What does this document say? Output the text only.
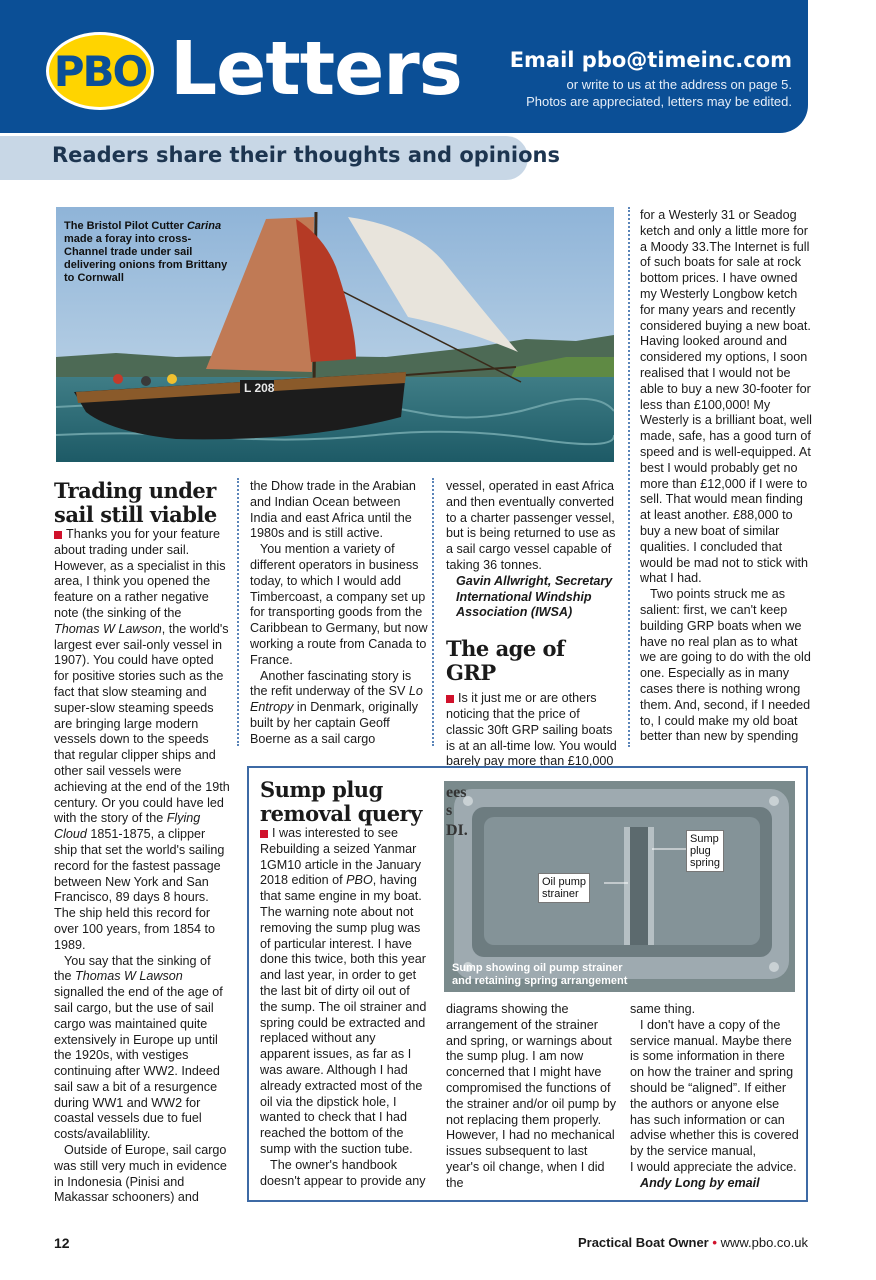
PBO Letters Email pbo@timeinc.com
or write to us at the address on page 5.
Photos are appreciated, letters may be edited.
Readers share their thoughts and opinions
L 208
The Bristol Pilot Cutter Carina made a foray into cross-Channel trade under sail delivering onions from Brittany to Cornwall
Trading under
sail still viable

Thanks you for your feature about trading under sail. However, as a specialist in this area, I think you opened the feature on a rather negative note (the sinking of the Thomas W Lawson, the world's largest ever sail-only vessel in 1907). You could have opted for positive stories such as the fact that slow steaming and super-slow steaming speeds are bringing large modern vessels down to the speeds that regular clipper ships and other sail vessels were achieving at the end of the 19th century. Or you could have led with the story of the Flying Cloud 1851-1875, a clipper ship that set the world's sailing record for the fastest passage between New York and San Francisco, 89 days 8 hours. The ship held this record for over 100 years, from 1854 to 1989.

You say that the sinking of the Thomas W Lawson signalled the end of the age of sail cargo, but the use of sail cargo was maintained quite extensively in Europe up until the 1920s, with vestiges continuing after WW2. Indeed sail saw a bit of a resurgence during WW1 and WW2 for coastal vessels due to fuel costs/availablility.

Outside of Europe, sail cargo was still very much in evidence in Indonesia (Pinisi and Makassar schooners) and

the Dhow trade in the Arabian and Indian Ocean between India and east Africa until the 1980s and is still active.

You mention a variety of different operators in business today, to which I would add Timbercoast, a company set up for transporting goods from the Caribbean to Germany, but now working a route from Canada to France.

Another fascinating story is the refit underway of the SV Lo Entropy in Denmark, originally built by her captain Geoff Boerne as a sail cargo

vessel, operated in east Africa and then eventually converted to a charter passenger vessel, but is being returned to use as a sail cargo vessel capable of taking 36 tonnes.

Gavin Allwright, Secretary
International Windship
Association (IWSA)
The age of GRP

Is it just me or are others noticing that the price of classic 30ft GRP sailing boats is at an all-time low. You would barely pay more than £10,000

for a Westerly 31 or Seadog ketch and only a little more for a Moody 33.The Internet is full of such boats for sale at rock bottom prices. I have owned my Westerly Longbow ketch for many years and recently considered buying a new boat. Having looked around and considered my options, I soon realised that I would not be able to buy a new 30-footer for less than £100,000! My Westerly is a brilliant boat, well made, safe, has a good turn of speed and is well-equipped. At best I would probably get no more than £12,000 if I were to sell. That would mean finding at least another. £88,000 to buy a new boat of similar qualities. I concluded that would be mad not to stick with what I had.

Two points struck me as salient: first, we can't keep building GRP boats when we have no real plan as to what we are going to do with the old one. Especially as in many cases there is nothing wrong them. And, second, if I needed to, I could make my old boat better than new by spending

Sump plug
removal query

I was interested to see Rebuilding a seized Yanmar 1GM10 article in the January 2018 edition of PBO, having that same engine in my boat. The warning note about not removing the sump plug was of particular interest. I have done this twice, both this year and last year, in order to get the last bit of dirty oil out of the sump. The oil strainer and spring could be extracted and replaced without any apparent issues, as far as I was aware. Although I had already extracted most of the oil via the dipstick hole, I wanted to check that I had reached the bottom of the sump with the suction tube.

The owner's handbook doesn't appear to provide any

ees
s
DI.
Oil pump
strainer
Sump
plug
spring
Sump showing oil pump strainer
and retaining spring arrangement

diagrams showing the arrangement of the strainer and spring, or warnings about the sump plug. I am now concerned that I might have compromised the functions of the strainer and/or oil pump by not replacing them properly. However, I had no mechanical issues subsequent to last year's oil change, when I did the

same thing.

I don't have a copy of the service manual. Maybe there is some information in there on how the trainer and spring should be “aligned”. If either the authors or anyone else has such information or can advise whether this is covered by the service manual,

I would appreciate the advice.

Andy Long by email
12	Practical Boat Owner • www.pbo.co.uk
